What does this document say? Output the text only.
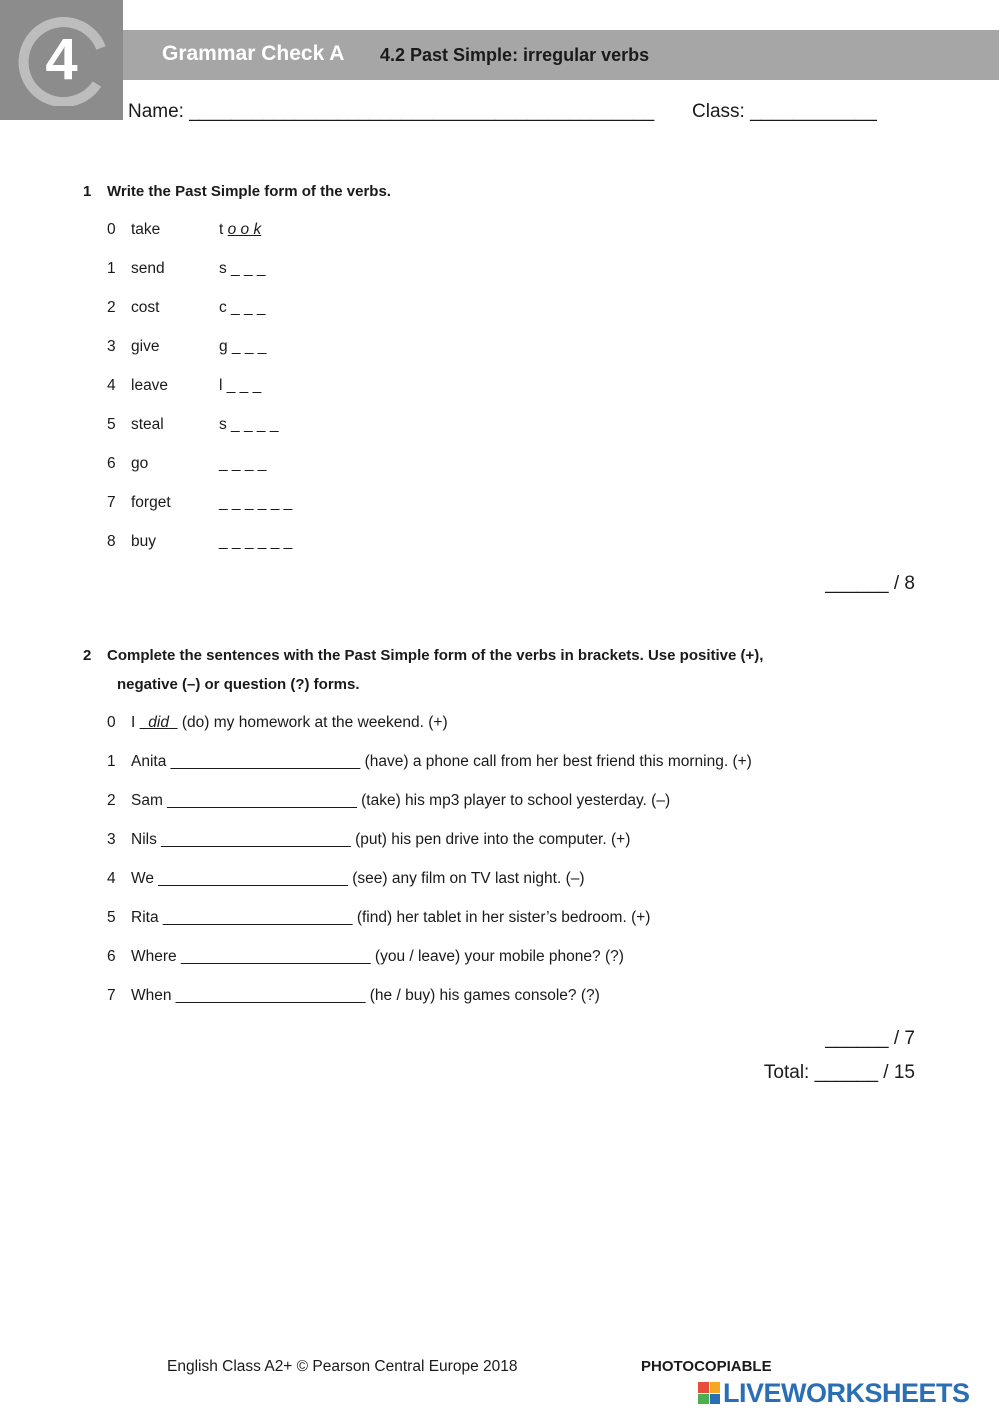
4	Grammar Check A 4.2 Past Simple: irregular verbs
Name: ____________________________________________ Class: ____________
1 Write the Past Simple form of the verbs.
0 take	t o o k
1 send	s _ _ _
2 cost	c _ _ _
3 give	g _ _ _
4 leave	l _ _ _
5 steal	s _ _ _ _
6 go	_ _ _ _
7 forget	_ _ _ _ _ _
8 buy	_ _ _ _ _ _
______ / 8
2 Complete the sentences with the Past Simple form of the verbs in brackets. Use positive (+),
negative (–) or question (?) forms.
0 I   did   (do) my homework at the weekend. (+)
1 Anita ______________________ (have) a phone call from her best friend this morning. (+)
2 Sam ______________________ (take) his mp3 player to school yesterday. (–)
3 Nils ______________________ (put) his pen drive into the computer. (+)
4 We ______________________ (see) any film on TV last night. (–)
5 Rita ______________________ (find) her tablet in her sister’s bedroom. (+)
6 Where ______________________ (you / leave) your mobile phone? (?)
7 When ______________________ (he / buy) his games console? (?)
______ / 7
Total: ______ / 15
English Class A2+ © Pearson Central Europe 2018	PHOTOCOPIABLE
LIVEWORKSHEETS
